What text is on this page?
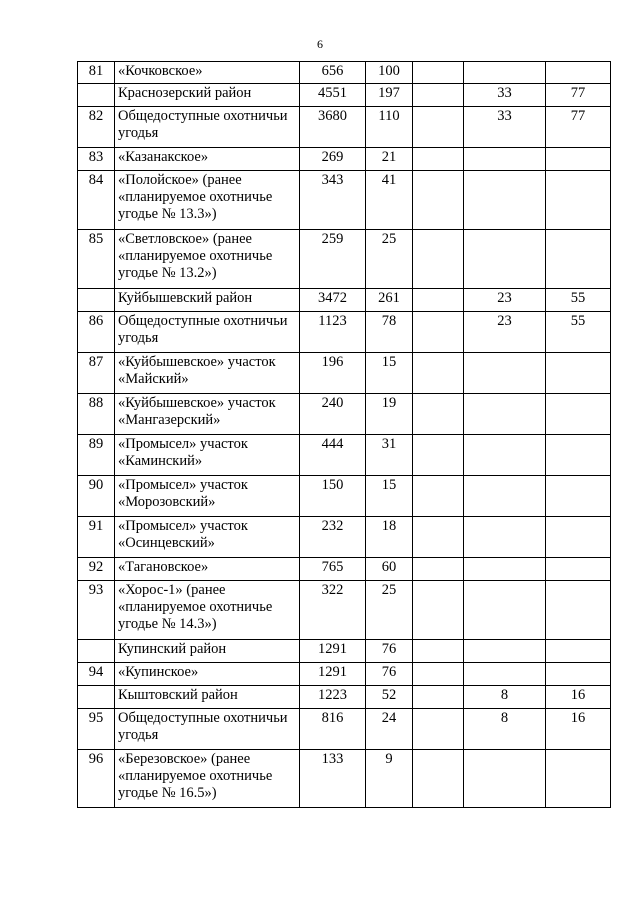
6
81	«Кочковское»	656	100			

	Краснозерский район	4551	197		33	77
82	Общедоступные охотничьи
угодья	3680	110		33	77
83	«Казанакское»	269	21			
84	«Полойское» (ранее
«планируемое охотничье
угодье № 13.3»)	343	41			
85	«Светловское» (ранее
«планируемое охотничье
угодье № 13.2»)	259	25			

	Куйбышевский район	3472	261		23	55
86	Общедоступные охотничьи
угодья	1123	78		23	55
87	«Куйбышевское» участок
«Майский»	196	15			
88	«Куйбышевское» участок
«Мангазерский»	240	19			
89	«Промысел» участок
«Каминский»	444	31			
90	«Промысел» участок
«Морозовский»	150	15			
91	«Промысел» участок
«Осинцевский»	232	18			
92	«Тагановское»	765	60			
93	«Хорос-1» (ранее
«планируемое охотничье
угодье № 14.3»)	322	25			

	Купинский район	1291	76			
94	«Купинское»	1291	76			

	Кыштовский район	1223	52		8	16
95	Общедоступные охотничьи
угодья	816	24		8	16
96	«Березовское» (ранее
«планируемое охотничье
угодье № 16.5»)	133	9			
